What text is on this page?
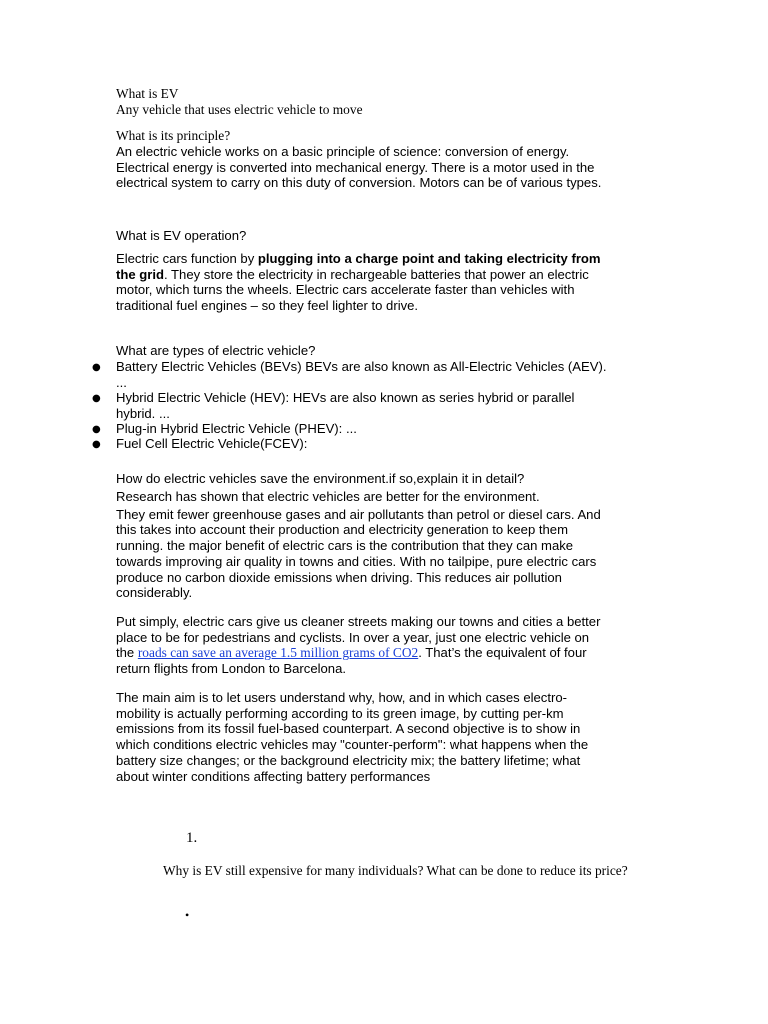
What is EV
Any vehicle that uses electric vehicle to move
What is its principle?
An electric vehicle works on a basic principle of science: conversion of energy.
Electrical energy is converted into mechanical energy. There is a motor used in the
electrical system to carry on this duty of conversion. Motors can be of various types.
What is EV operation?
Electric cars function by plugging into a charge point and taking electricity from
the grid. They store the electricity in rechargeable batteries that power an electric
motor, which turns the wheels. Electric cars accelerate faster than vehicles with
traditional fuel engines – so they feel lighter to drive.
What are types of electric vehicle?
● Battery Electric Vehicles (BEVs) BEVs are also known as All-Electric Vehicles (AEV).
...
● Hybrid Electric Vehicle (HEV): HEVs are also known as series hybrid or parallel
hybrid. ...
● Plug-in Hybrid Electric Vehicle (PHEV): ...
● Fuel Cell Electric Vehicle(FCEV):
How do electric vehicles save the environment.if so,explain it in detail?
Research has shown that electric vehicles are better for the environment.
They emit fewer greenhouse gases and air pollutants than petrol or diesel cars. And
this takes into account their production and electricity generation to keep them
running. the major benefit of electric cars is the contribution that they can make
towards improving air quality in towns and cities. With no tailpipe, pure electric cars
produce no carbon dioxide emissions when driving. This reduces air pollution
considerably.
Put simply, electric cars give us cleaner streets making our towns and cities a better
place to be for pedestrians and cyclists. In over a year, just one electric vehicle on
the roads can save an average 1.5 million grams of CO2. That’s the equivalent of four
return flights from London to Barcelona.
The main aim is to let users understand why, how, and in which cases electro-
mobility is actually performing according to its green image, by cutting per-km
emissions from its fossil fuel-based counterpart. A second objective is to show in
which conditions electric vehicles may "counter-perform": what happens when the
battery size changes; or the background electricity mix; the battery lifetime; what
about winter conditions affecting battery performances
1.

Why is EV still expensive for many individuals? What can be done to reduce its price?

•
